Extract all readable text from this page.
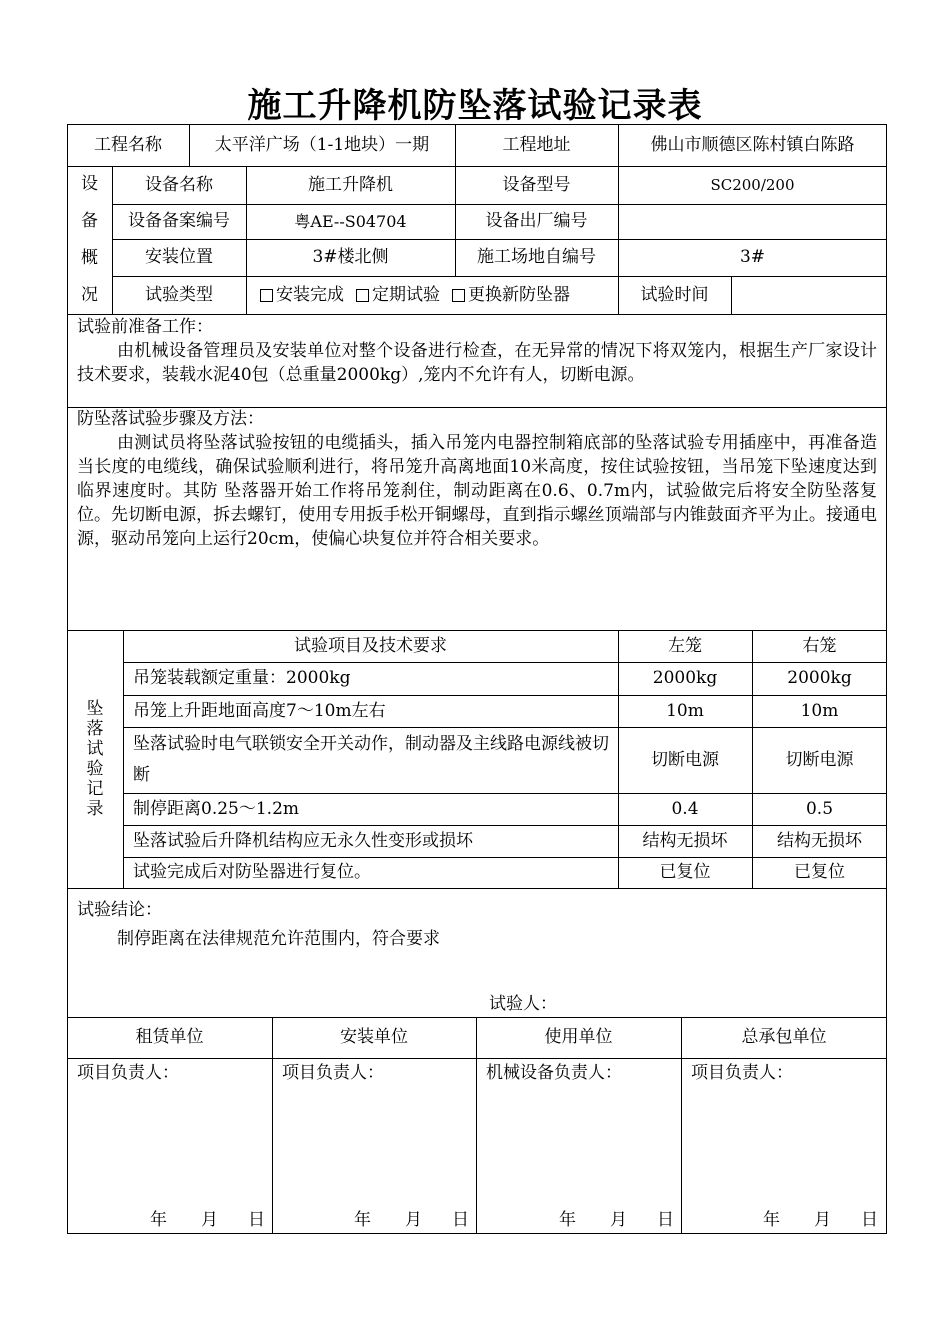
施工升降机防坠落试验记录表
工程名称	太平洋广场（1-1地块）一期	工程地址	佛山市顺德区陈村镇白陈路
设
备
概
况
设备名称	施工升降机	设备型号	SC200/200
设备备案编号	粤AE--S04704	设备出厂编号
安装位置	3#楼北侧	施工场地自编号	3#
试验类型	安装完成 定期试验 更换新防坠器	试验时间
试验前准备工作：
由机械设备管理员及安装单位对整个设备进行检查，在无异常的情况下将双笼内，根据生产厂家设计技术要求，装载水泥40包（总重量2000kg）,笼内不允许有人，切断电源。
防坠落试验步骤及方法：
由测试员将坠落试验按钮的电缆插头，插入吊笼内电器控制箱底部的坠落试验专用插座中，再准备造当长度的电缆线，确保试验顺利进行，将吊笼升高离地面10米高度，按住试验按钮，当吊笼下坠速度达到临界速度时。其防 坠落器开始工作将吊笼刹住，制动距离在0.6、0.7m内，试验做完后将安全防坠落复位。先切断电源，拆去螺钉，使用专用扳手松开铜螺母，直到指示螺丝顶端部与内锥鼓面齐平为止。接通电源，驱动吊笼向上运行20cm，使偏心块复位并符合相关要求。
坠
落
试
验
记
录
试验项目及技术要求	左笼	右笼
吊笼装载额定重量：2000kg	2000kg	2000kg
吊笼上升距地面高度7～10m左右	10m	10m
坠落试验时电气联锁安全开关动作，制动器及主线路电源线被切断
切断电源	切断电源
制停距离0.25～1.2m	0.4	0.5
坠落试验后升降机结构应无永久性变形或损坏	结构无损坏	结构无损坏
试验完成后对防坠器进行复位。	已复位	已复位
试验结论：
制停距离在法律规范允许范围内，符合要求
试验人：
租赁单位	安装单位	使用单位	总承包单位
项目负责人：	项目负责人：	机械设备负责人：	项目负责人：
年 月 日	年 月 日	年 月 日	年 月 日
